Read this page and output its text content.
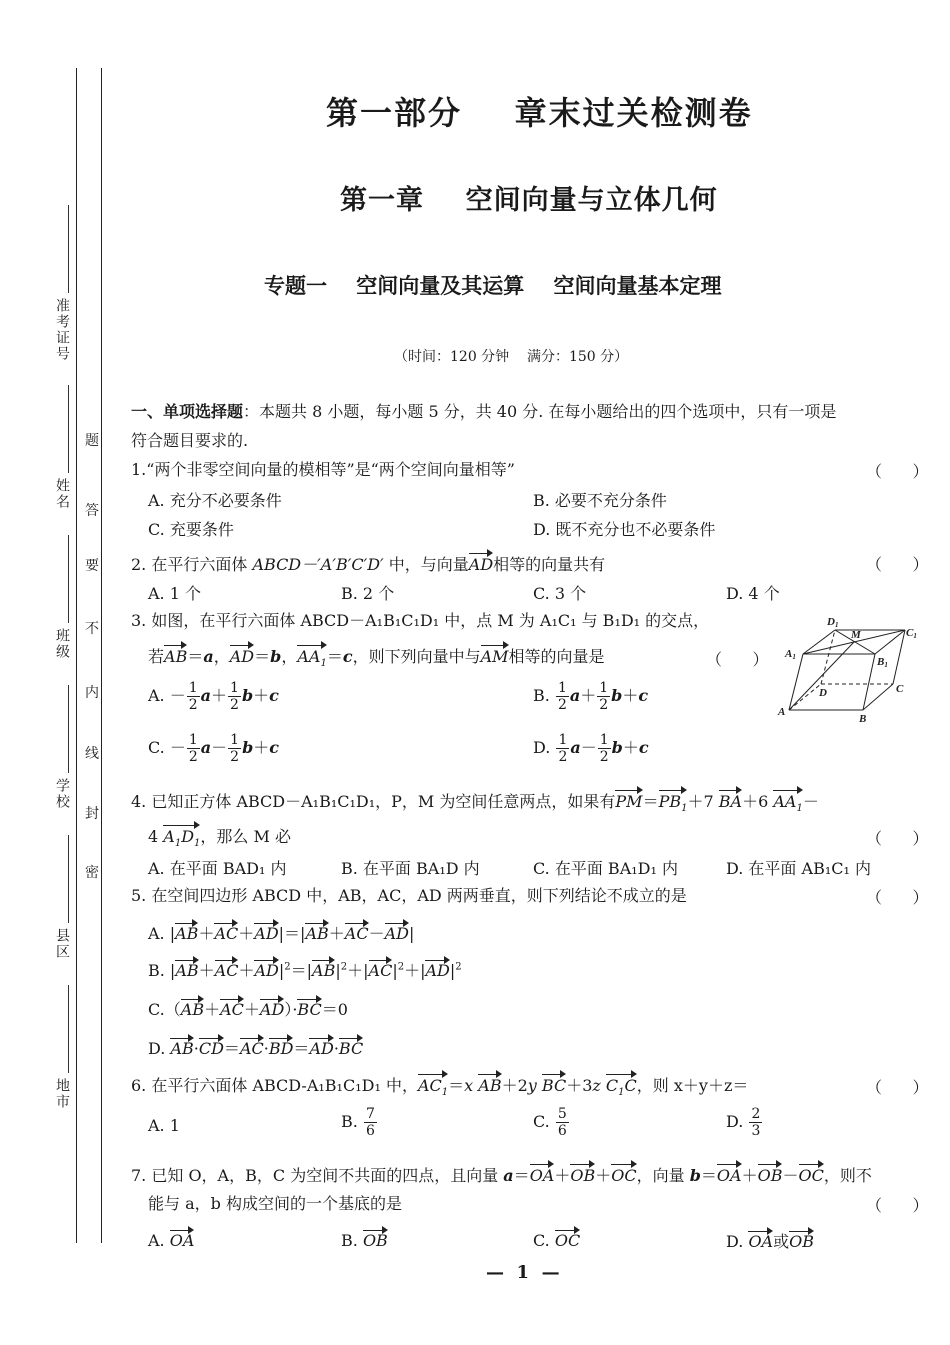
准考证号
姓名
班级
学校
县区
地市
题
答
要
不
内
线
封
密
第一部分    章末过关检测卷
第一章    空间向量与立体几何
专题一    空间向量及其运算    空间向量基本定理
（时间：120 分钟    满分：150 分）
一、单项选择题：本题共 8 小题，每小题 5 分，共 40 分. 在每小题给出的四个选项中，只有一项是
符合题目要求的.
1.“两个非零空间向量的模相等”是“两个空间向量相等”	（      ）
A. 充分不必要条件	B. 必要不充分条件
C. 充要条件	D. 既不充分也不必要条件
2. 在平行六面体 ABCD－′A′B′C′D′ 中，与向量AD相等的向量共有	（      ）
A. 1 个	B. 2 个	C. 3 个	D. 4 个
3. 如图，在平行六面体 ABCD－A₁B₁C₁D₁ 中，点 M 为 A₁C₁ 与 B₁D₁ 的交点，
若AB＝a，AD＝b，$AA_1=c$，则下列向量中与AM相等的向量是	（      ）
A. － $\frac{1}{2} a+ \frac{1}{2} b+c$	B. $\frac{1}{2} a+ \frac{1}{2} b+c$
C. － $\frac{1}{2} a- \frac{1}{2} b+c$	D. $\frac{1}{2} a- \frac{1}{2} b+c$
D1
M	C1
A1	B1
D	C
A
B
4. 已知正方体 ABCD－A₁B₁C₁D₁，P，M 为空间任意两点，如果有$PM=PB_1+7$ BA＋6 $AA_1-$
4 $A_1D_1$，那么 M 必	（      ）
A. 在平面 BAD₁ 内	B. 在平面 BA₁D 内	C. 在平面 BA₁D₁ 内	D. 在平面 AB₁C₁ 内
5. 在空间四边形 ABCD 中，AB，AC，AD 两两垂直，则下列结论不成立的是	（      ）
A. |AB＋AC＋AD|＝|AB＋AC－AD|
B. $|AB+AC+AD|^2=|AB|^2+|AC|^2+|AD|^2$
C.（AB＋AC＋AD）·BC＝0
D. AB·CD＝AC·BD＝AD·BC
6. 在平行六面体 ABCD-A₁B₁C₁D₁ 中，$AC_1=x$ AB＋2y BC＋3z $C_1C$，则 x＋y＋z＝	（      ）
A. 1	B. $\frac{7}{6}$	C. $\frac{5}{6}$	D. $\frac{2}{3}$
7. 已知 O，A，B，C 为空间不共面的四点，且向量 a＝OA＋OB＋OC，向量 b＝OA＋OB－OC，则不
能与 a，b 构成空间的一个基底的是	（      ）
A. OA	B. OB	C. OC	D. OA或OB
—  1  —
